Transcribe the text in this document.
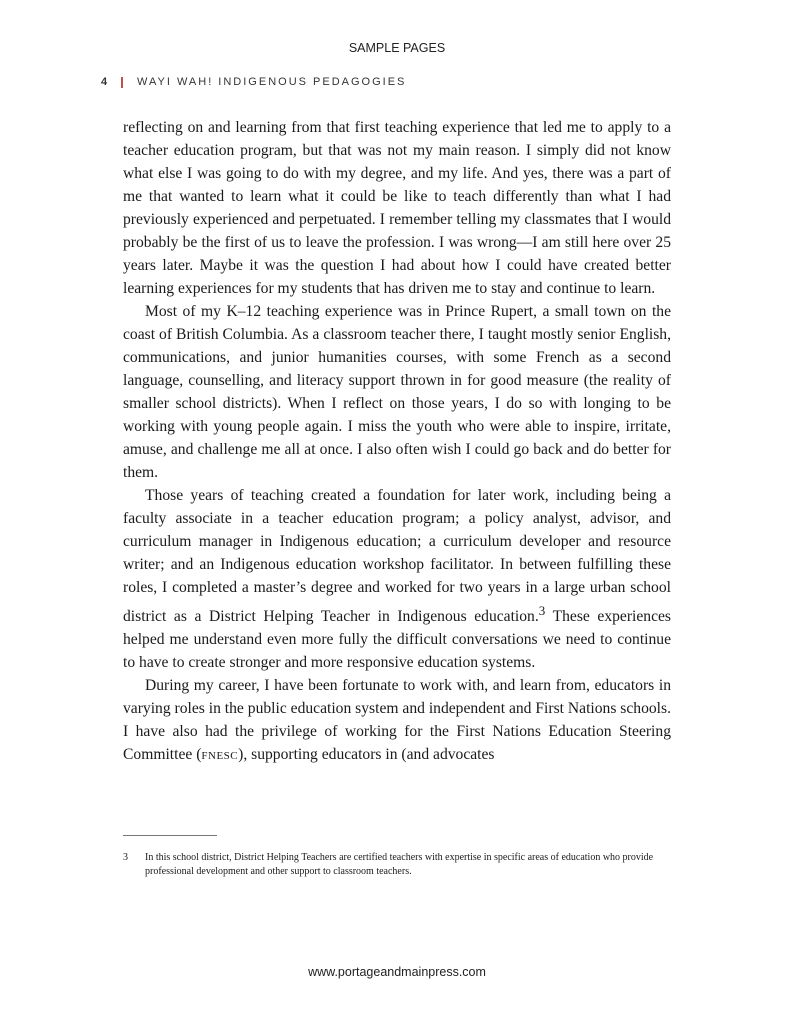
SAMPLE PAGES
4	WAYI WAH! INDIGENOUS PEDAGOGIES

reflecting on and learning from that first teaching experience that led me to apply to a teacher education program, but that was not my main reason. I simply did not know what else I was going to do with my degree, and my life. And yes, there was a part of me that wanted to learn what it could be like to teach differently than what I had previously experienced and perpetuated. I remember telling my classmates that I would probably be the first of us to leave the profession. I was wrong—I am still here over 25 years later. Maybe it was the question I had about how I could have created better learning experiences for my students that has driven me to stay and continue to learn.

Most of my K–12 teaching experience was in Prince Rupert, a small town on the coast of British Columbia. As a classroom teacher there, I taught mostly senior English, communications, and junior humanities courses, with some French as a second language, counselling, and literacy support thrown in for good measure (the reality of smaller school districts). When I reflect on those years, I do so with longing to be working with young people again. I miss the youth who were able to inspire, irritate, amuse, and challenge me all at once. I also often wish I could go back and do better for them.

Those years of teaching created a foundation for later work, including being a faculty associate in a teacher education program; a policy analyst, advisor, and curriculum manager in Indigenous education; a curriculum developer and resource writer; and an Indigenous education workshop facilitator. In between fulfilling these roles, I completed a master’s degree and worked for two years in a large urban school district as a District Helping Teacher in Indigenous education.$^3$ These experiences helped me understand even more fully the difficult conversations we need to continue to have to create stronger and more responsive education systems.

During my career, I have been fortunate to work with, and learn from, educators in varying roles in the public education system and independent and First Nations schools. I have also had the privilege of working for the First Nations Education Steering Committee (fnesc), supporting educators in (and advocates

3	In this school district, District Helping Teachers are certified teachers with expertise in specific areas of education who provide professional development and other support to classroom teachers.
www.portageandmainpress.com
